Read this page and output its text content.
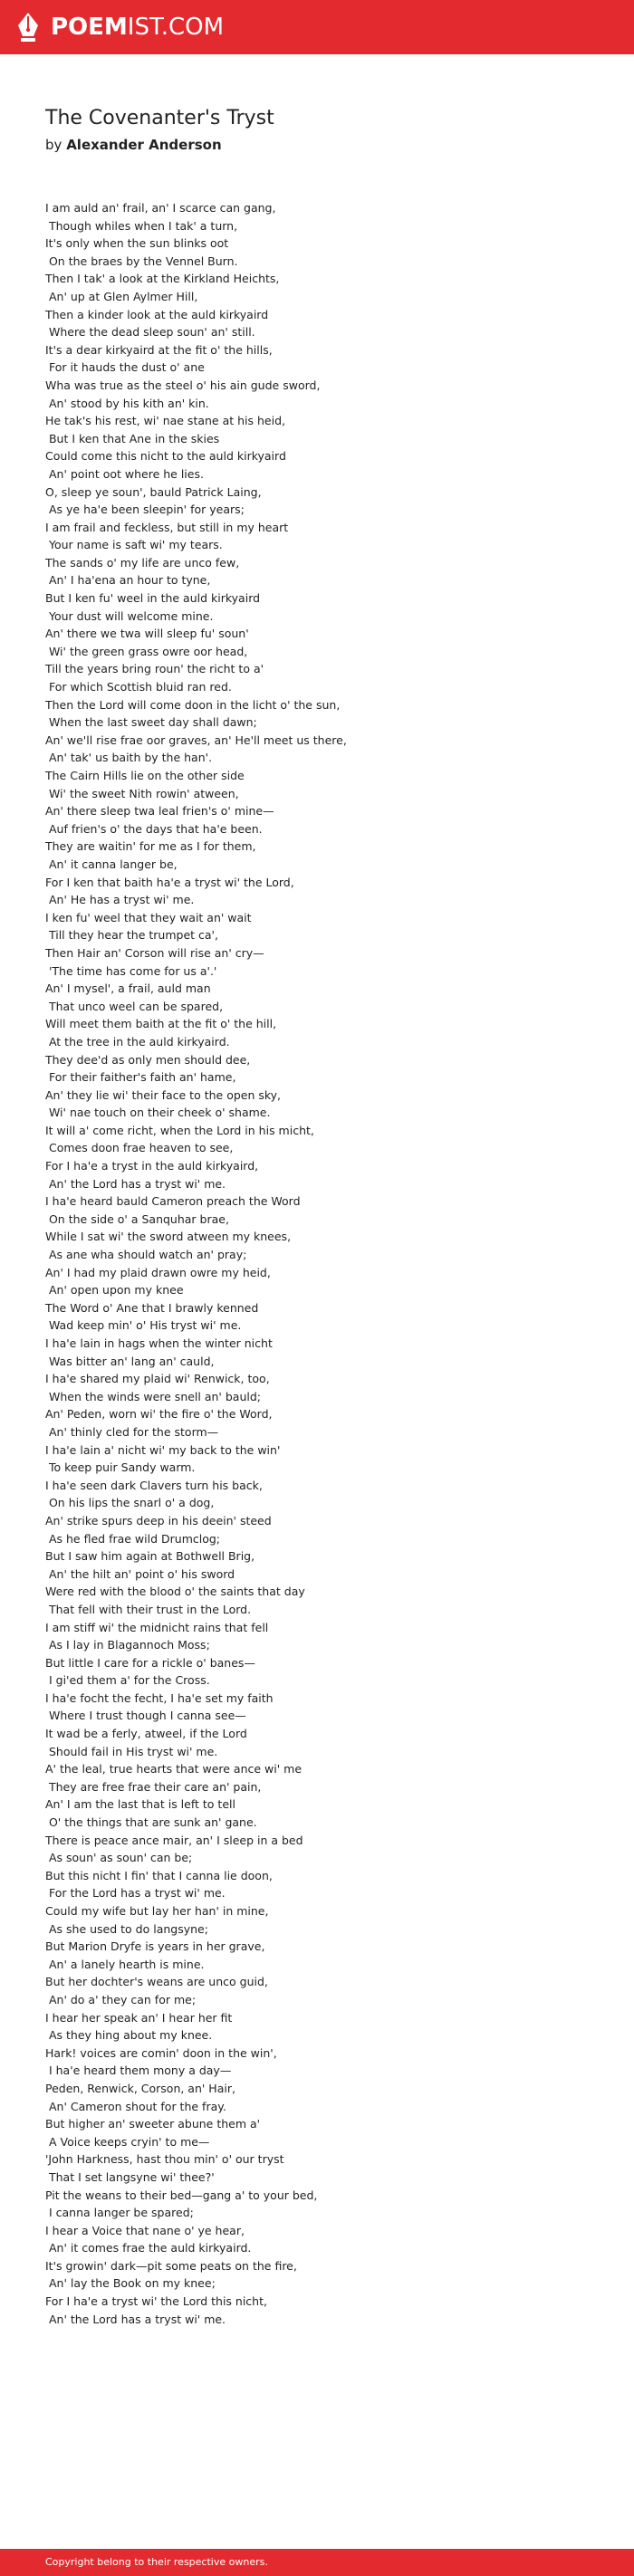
POEMIST.COM
The Covenanter's Tryst

by Alexander Anderson

I am auld an' frail, an' I scarce can gang,
Though whiles when I tak' a turn,
It's only when the sun blinks oot
On the braes by the Vennel Burn.
Then I tak' a look at the Kirkland Heichts,
An' up at Glen Aylmer Hill,
Then a kinder look at the auld kirkyaird
Where the dead sleep soun' an' still.
It's a dear kirkyaird at the fit o' the hills,
For it hauds the dust o' ane
Wha was true as the steel o' his ain gude sword,
An' stood by his kith an' kin.
He tak's his rest, wi' nae stane at his heid,
But I ken that Ane in the skies
Could come this nicht to the auld kirkyaird
An' point oot where he lies.
O, sleep ye soun', bauld Patrick Laing,
As ye ha'e been sleepin' for years;
I am frail and feckless, but still in my heart
Your name is saft wi' my tears.
The sands o' my life are unco few,
An' I ha'ena an hour to tyne,
But I ken fu' weel in the auld kirkyaird
Your dust will welcome mine.
An' there we twa will sleep fu' soun'
Wi' the green grass owre oor head,
Till the years bring roun' the richt to a'
For which Scottish bluid ran red.
Then the Lord will come doon in the licht o' the sun,
When the last sweet day shall dawn;
An' we'll rise frae oor graves, an' He'll meet us there,
An' tak' us baith by the han'.
The Cairn Hills lie on the other side
Wi' the sweet Nith rowin' atween,
An' there sleep twa leal frien's o' mine—
Auf frien's o' the days that ha'e been.
They are waitin' for me as I for them,
An' it canna langer be,
For I ken that baith ha'e a tryst wi' the Lord,
An' He has a tryst wi' me.
I ken fu' weel that they wait an' wait
Till they hear the trumpet ca',
Then Hair an' Corson will rise an' cry—
'The time has come for us a'.'
An' I mysel', a frail, auld man
That unco weel can be spared,
Will meet them baith at the fit o' the hill,
At the tree in the auld kirkyaird.
They dee'd as only men should dee,
For their faither's faith an' hame,
An' they lie wi' their face to the open sky,
Wi' nae touch on their cheek o' shame.
It will a' come richt, when the Lord in his micht,
Comes doon frae heaven to see,
For I ha'e a tryst in the auld kirkyaird,
An' the Lord has a tryst wi' me.
I ha'e heard bauld Cameron preach the Word
On the side o' a Sanquhar brae,
While I sat wi' the sword atween my knees,
As ane wha should watch an' pray;
An' I had my plaid drawn owre my heid,
An' open upon my knee
The Word o' Ane that I brawly kenned
Wad keep min' o' His tryst wi' me.
I ha'e lain in hags when the winter nicht
Was bitter an' lang an' cauld,
I ha'e shared my plaid wi' Renwick, too,
When the winds were snell an' bauld;
An' Peden, worn wi' the fire o' the Word,
An' thinly cled for the storm—
I ha'e lain a' nicht wi' my back to the win'
To keep puir Sandy warm.
I ha'e seen dark Clavers turn his back,
On his lips the snarl o' a dog,
An' strike spurs deep in his deein' steed
As he fled frae wild Drumclog;
But I saw him again at Bothwell Brig,
An' the hilt an' point o' his sword
Were red with the blood o' the saints that day
That fell with their trust in the Lord.
I am stiff wi' the midnicht rains that fell
As I lay in Blagannoch Moss;
But little I care for a rickle o' banes—
I gi'ed them a' for the Cross.
I ha'e focht the fecht, I ha'e set my faith
Where I trust though I canna see—
It wad be a ferly, atweel, if the Lord
Should fail in His tryst wi' me.
A' the leal, true hearts that were ance wi' me
They are free frae their care an' pain,
An' I am the last that is left to tell
O' the things that are sunk an' gane.
There is peace ance mair, an' I sleep in a bed
As soun' as soun' can be;
But this nicht I fin' that I canna lie doon,
For the Lord has a tryst wi' me.
Could my wife but lay her han' in mine,
As she used to do langsyne;
But Marion Dryfe is years in her grave,
An' a lanely hearth is mine.
But her dochter's weans are unco guid,
An' do a' they can for me;
I hear her speak an' I hear her fit
As they hing about my knee.
Hark! voices are comin' doon in the win',
I ha'e heard them mony a day—
Peden, Renwick, Corson, an' Hair,
An' Cameron shout for the fray.
But higher an' sweeter abune them a'
A Voice keeps cryin' to me—
'John Harkness, hast thou min' o' our tryst
That I set langsyne wi' thee?'
Pit the weans to their bed—gang a' to your bed,
I canna langer be spared;
I hear a Voice that nane o' ye hear,
An' it comes frae the auld kirkyaird.
It's growin' dark—pit some peats on the fire,
An' lay the Book on my knee;
For I ha'e a tryst wi' the Lord this nicht,
An' the Lord has a tryst wi' me.
Copyright belong to their respective owners.
